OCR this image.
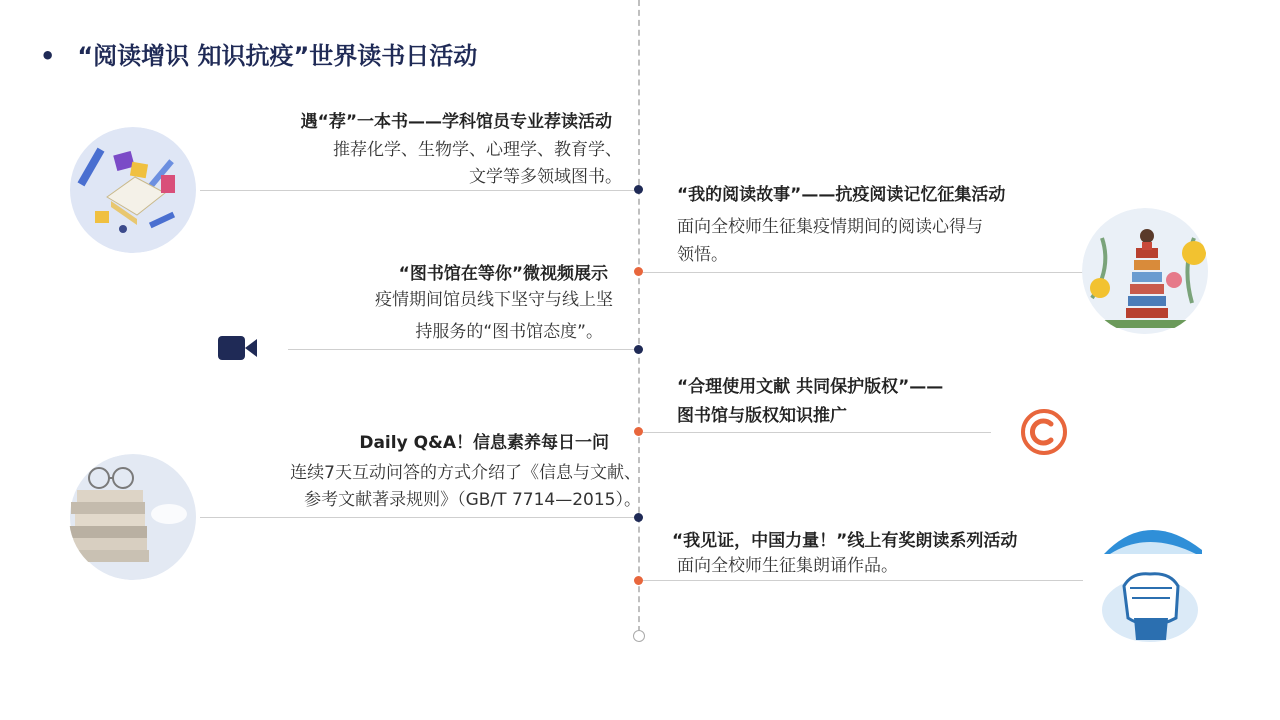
• “阅读增识 知识抗疫”世界读书日活动
遇“荐”一本书——学科馆员专业荐读活动
推荐化学、生物学、心理学、教育学、
文学等多领域图书。
“我的阅读故事”——抗疫阅读记忆征集活动
面向全校师生征集疫情期间的阅读心得与
领悟。
“图书馆在等你”微视频展示
疫情期间馆员线下坚守与线上坚
持服务的“图书馆态度”。
“合理使用文献 共同保护版权”——
图书馆与版权知识推广
Daily Q&A！信息素养每日一问
连续7天互动问答的方式介绍了《信息与文献、
参考文献著录规则》（GB/T 7714—2015）。
“我见证，中国力量！”线上有奖朗读系列活动
面向全校师生征集朗诵作品。
